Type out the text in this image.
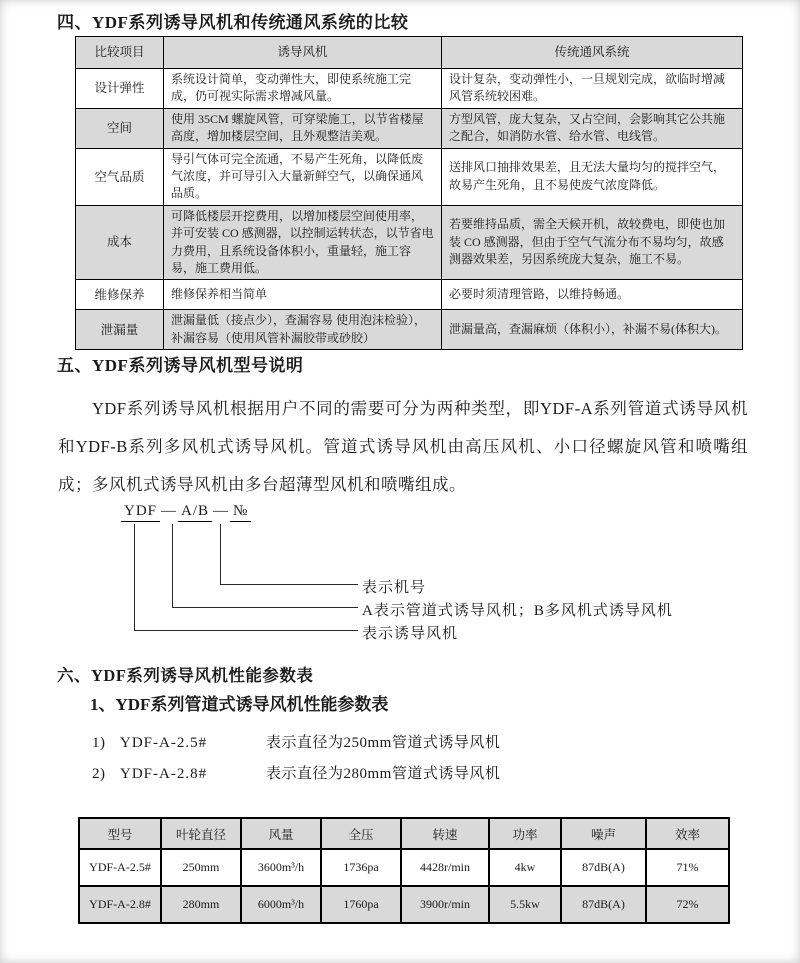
四、YDF系列诱导风机和传统通风系统的比较
比较项目	诱导风机	传统通风系统
设计弹性	系统设计简单，变动弹性大，即使系统施工完成，仍可视实际需求增减风量。	设计复杂，变动弹性小，一旦规划完成，欲临时增减风管系统较困难。
空间	使用 35CM 螺旋风管，可穿梁施工，以节省楼屋高度，增加楼层空间，且外观整洁美观。	方型风管，庞大复杂，又占空间，会影响其它公共施之配合，如消防水管、给水管、电线管。
空气品质	导引气体可完全流通，不易产生死角，以降低废气浓度，并可导引入大量新鲜空气，以确保通风品质。	送排风口抽排效果差，且无法大量均匀的搅拌空气，故易产生死角，且不易使废气浓度降低。
成本	可降低楼层开挖费用，以增加楼层空间使用率，并可安装 CO 感测器，以控制运转状态，以节省电力费用，且系统设备体积小，重量轻，施工容易，施工费用低。	若要维持品质，需全天候开机，故较费电，即使也加装 CO 感测器，但由于空气气流分布不易均匀，故感测器效果差，另因系统庞大复杂，施工不易。
维修保养	维修保养相当简单	必要时须清理管路，以维持畅通。
泄漏量	泄漏量低（接点少），查漏容易 使用泡沫检验），补漏容易（使用风管补漏胶带或砂胶）	泄漏量高，查漏麻烦（体积小），补漏不易(体积大)。
五、YDF系列诱导风机型号说明
YDF系列诱导风机根据用户不同的需要可分为两种类型，即YDF-A系列管道式诱导风机和YDF-B系列多风机式诱导风机。管道式诱导风机由高压风机、小口径螺旋风管和喷嘴组成；多风机式诱导风机由多台超薄型风机和喷嘴组成。
YDF — A/B — №
表示机号
A表示管道式诱导风机；B多风机式诱导风机
表示诱导风机
六、YDF系列诱导风机性能参数表
1、YDF系列管道式诱导风机性能参数表
1) YDF-A-2.5#	表示直径为250mm管道式诱导风机
2) YDF-A-2.8#	表示直径为280mm管道式诱导风机
型号	叶轮直径	风量	全压	转速	功率	噪声	效率
YDF-A-2.5#	250mm	3600m³/h	1736pa	4428r/min	4kw	87dB(A)	71%
YDF-A-2.8#	280mm	6000m³/h	1760pa	3900r/min	5.5kw	87dB(A)	72%
